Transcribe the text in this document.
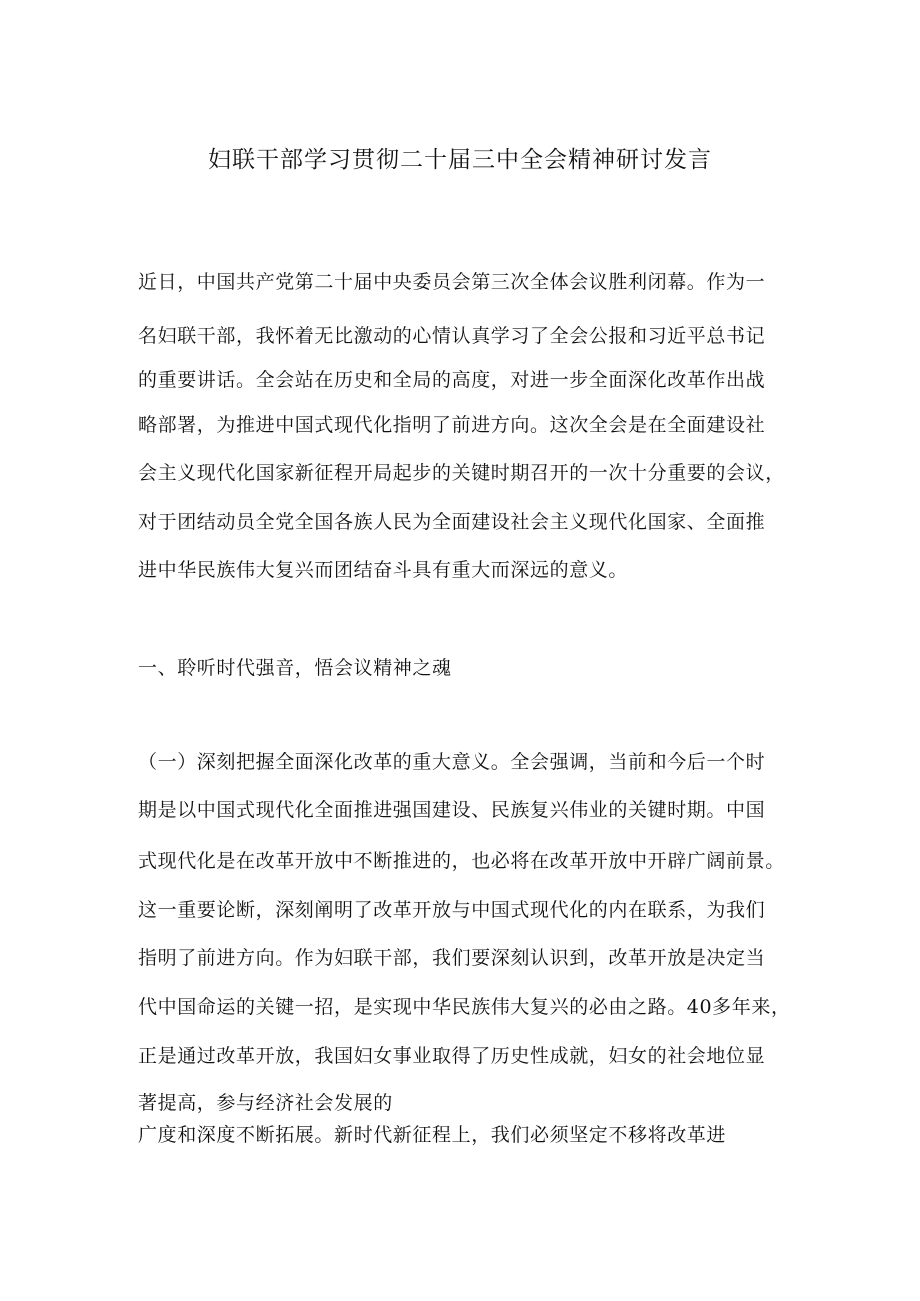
妇联干部学习贯彻二十届三中全会精神研讨发言
近日，中国共产党第二十届中央委员会第三次全体会议胜利闭幕。作为一
名妇联干部，我怀着无比激动的心情认真学习了全会公报和习近平总书记
的重要讲话。全会站在历史和全局的高度，对进一步全面深化改革作出战
略部署，为推进中国式现代化指明了前进方向。这次全会是在全面建设社
会主义现代化国家新征程开局起步的关键时期召开的一次十分重要的会议，
对于团结动员全党全国各族人民为全面建设社会主义现代化国家、全面推
进中华民族伟大复兴而团结奋斗具有重大而深远的意义。
一、聆听时代强音，悟会议精神之魂
（一）深刻把握全面深化改革的重大意义。全会强调，当前和今后一个时
期是以中国式现代化全面推进强国建设、民族复兴伟业的关键时期。中国
式现代化是在改革开放中不断推进的，也必将在改革开放中开辟广阔前景。
这一重要论断，深刻阐明了改革开放与中国式现代化的内在联系，为我们
指明了前进方向。作为妇联干部，我们要深刻认识到，改革开放是决定当
代中国命运的关键一招，是实现中华民族伟大复兴的必由之路。40多年来，
正是通过改革开放，我国妇女事业取得了历史性成就，妇女的社会地位显
著提高，参与经济社会发展的
广度和深度不断拓展。新时代新征程上，我们必须坚定不移将改革进
